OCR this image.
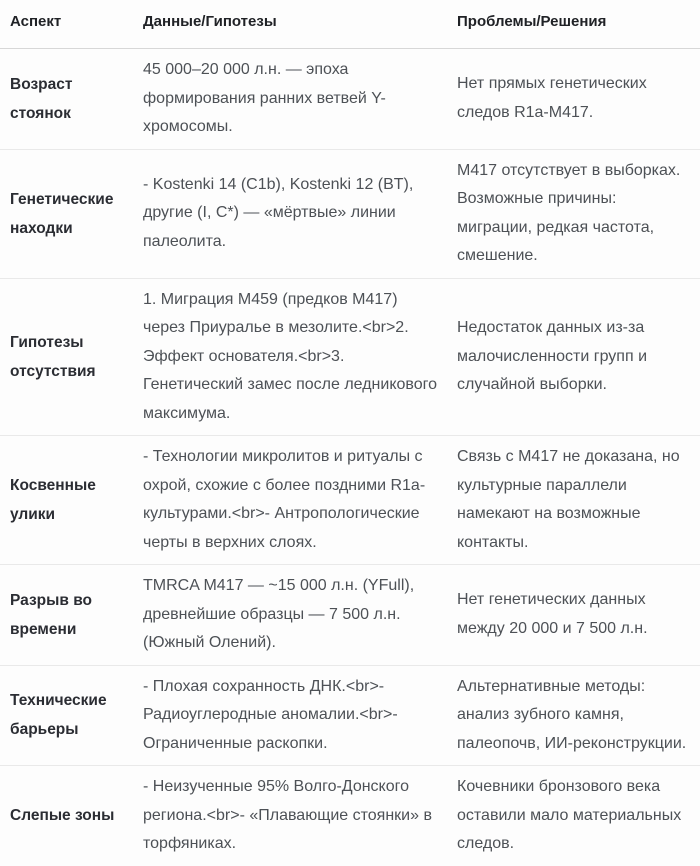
Аспект	Данные/Гипотезы	Проблемы/Решения
Возраст стоянок	45 000–20 000 л.н. — эпоха формирования ранних ветвей Y-хромосомы.	Нет прямых генетических следов R1a-M417.
Генетические находки	- Kostenki 14 (C1b), Kostenki 12 (BT), другие (I, C*) — «мёртвые» линии палеолита.	M417 отсутствует в выборках. Возможные причины: миграции, редкая частота, смешение.
Гипотезы отсутствия	1. Миграция M459 (предков M417) через Приуралье в мезолите.<br>2. Эффект основателя.<br>3. Генетический замес после ледникового максимума.	Недостаток данных из-за малочисленности групп и случайной выборки.
Косвенные улики	- Технологии микролитов и ритуалы с охрой, схожие с более поздними R1a-культурами.<br>- Антропологические черты в верхних слоях.	Связь с M417 не доказана, но культурные параллели намекают на возможные контакты.
Разрыв во времени	TMRCA M417 — ~15 000 л.н. (YFull), древнейшие образцы — 7 500 л.н. (Южный Олений).	Нет генетических данных между 20 000 и 7 500 л.н.
Технические барьеры	- Плохая сохранность ДНК.<br>- Радиоуглеродные аномалии.<br>- Ограниченные раскопки.	Альтернативные методы: анализ зубного камня, палеопочв, ИИ-реконструкции.
Слепые зоны	- Неизученные 95% Волго-Донского региона.<br>- «Плавающие стоянки» в торфяниках.	Кочевники бронзового века оставили мало материальных следов.
